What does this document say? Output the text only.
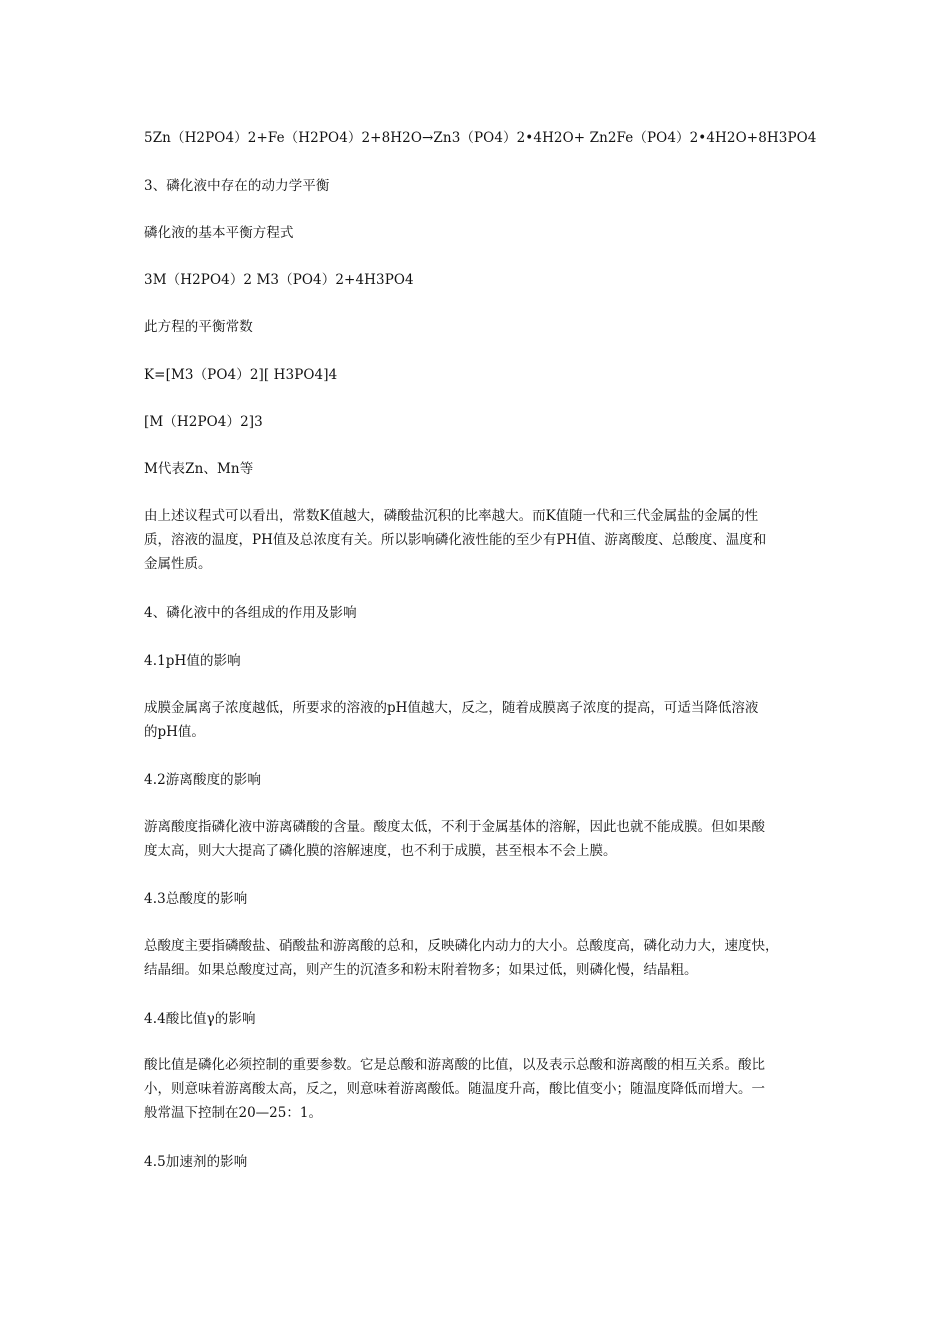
5Zn（H2PO4）2+Fe（H2PO4）2+8H2O→Zn3（PO4）2•4H2O+ Zn2Fe（PO4）2•4H2O+8H3PO4
3、磷化液中存在的动力学平衡
磷化液的基本平衡方程式
3M（H2PO4）2 M3（PO4）2+4H3PO4
此方程的平衡常数
K=[M3（PO4）2][ H3PO4]4
[M（H2PO4）2]3
M代表Zn、Mn等
由上述议程式可以看出，常数K值越大，磷酸盐沉积的比率越大。而K值随一代和三代金属盐的金属的性
质，溶液的温度，PH值及总浓度有关。所以影响磷化液性能的至少有PH值、游离酸度、总酸度、温度和
金属性质。
4、磷化液中的各组成的作用及影响
4.1pH值的影响
成膜金属离子浓度越低，所要求的溶液的pH值越大，反之，随着成膜离子浓度的提高，可适当降低溶液
的pH值。
4.2游离酸度的影响
游离酸度指磷化液中游离磷酸的含量。酸度太低，不利于金属基体的溶解，因此也就不能成膜。但如果酸
度太高，则大大提高了磷化膜的溶解速度，也不利于成膜，甚至根本不会上膜。
4.3总酸度的影响
总酸度主要指磷酸盐、硝酸盐和游离酸的总和，反映磷化内动力的大小。总酸度高，磷化动力大，速度快，
结晶细。如果总酸度过高，则产生的沉渣多和粉末附着物多；如果过低，则磷化慢，结晶粗。
4.4酸比值γ的影响
酸比值是磷化必须控制的重要参数。它是总酸和游离酸的比值，以及表示总酸和游离酸的相互关系。酸比
小，则意味着游离酸太高，反之，则意味着游离酸低。随温度升高，酸比值变小；随温度降低而增大。一
般常温下控制在20—25：1。
4.5加速剂的影响
